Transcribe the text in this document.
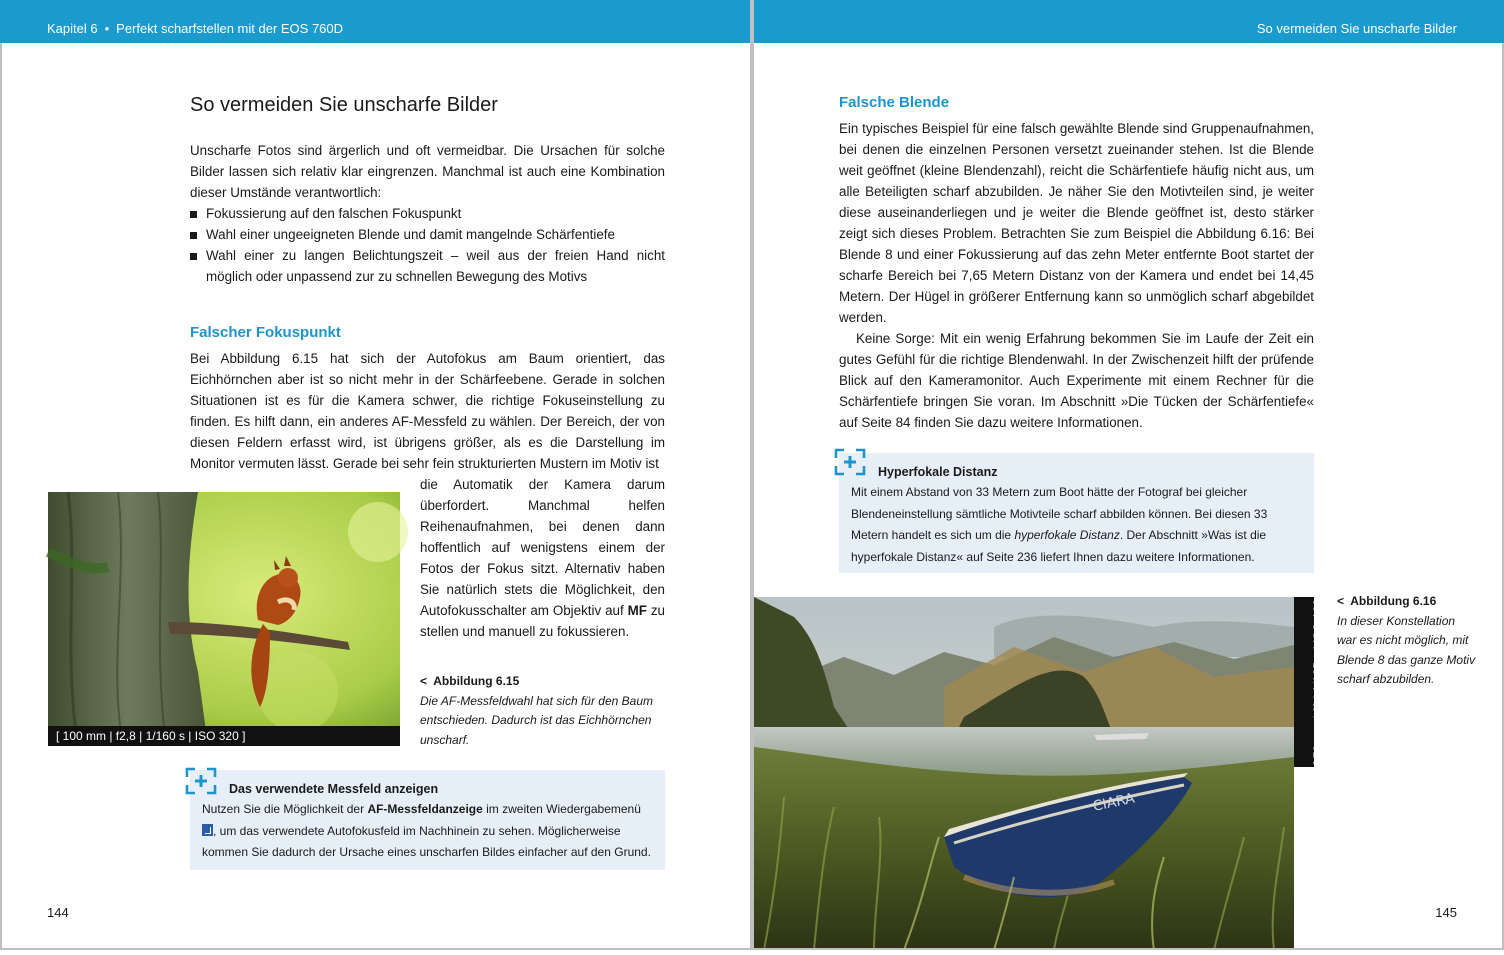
Kapitel 6 • Perfekt scharfstellen mit der EOS 760D
So vermeiden Sie unscharfe Bilder

Unscharfe Fotos sind ärgerlich und oft vermeidbar. Die Ursachen für solche Bilder lassen sich relativ klar eingrenzen. Manchmal ist auch eine Kombination dieser Umstände verantwortlich:

Fokussierung auf den falschen Fokuspunkt
Wahl einer ungeeigneten Blende und damit mangelnde Schärfentiefe
Wahl einer zu langen Belichtungszeit – weil aus der freien Hand nicht möglich oder unpassend zur zu schnellen Bewegung des Motivs
Falscher Fokuspunkt
Bei Abbildung 6.15 hat sich der Autofokus am Baum orientiert, das Eichhörnchen aber ist so nicht mehr in der Schärfeebene. Gerade in solchen Situationen ist es für die Kamera schwer, die richtige Fokuseinstellung zu finden. Es hilft dann, ein anderes AF-Messfeld zu wählen. Der Bereich, der von diesen Feldern erfasst wird, ist übrigens größer, als es die Darstellung im Monitor vermuten lässt. Gerade bei sehr fein strukturierten Mustern im Motiv ist
die Automatik der Kamera darum überfordert. Manchmal helfen Reihenaufnahmen, bei denen dann hoffentlich auf wenigstens einem der Fotos der Fokus sitzt. Alternativ haben Sie natürlich stets die Möglichkeit, den Autofokusschalter am Objektiv auf MF zu stellen und manuell zu fokussieren.
[ 100 mm | f2,8 | 1/160 s | ISO 320 ]
< Abbildung 6.15
Die AF-Messfeldwahl hat sich für den Baum entschieden. Dadurch ist das Eichhörnchen unscharf.
Das verwendete Messfeld anzeigen
Nutzen Sie die Möglichkeit der AF-Messfeldanzeige im zweiten Wiedergabemenü
, um das verwendete Autofokusfeld im Nachhinein zu sehen. Möglicherweise kommen Sie dadurch der Ursache eines unscharfen Bildes einfacher auf den Grund.
144
So vermeiden Sie unscharfe Bilder
Falsche Blende

Ein typisches Beispiel für eine falsch gewählte Blende sind Gruppenaufnahmen, bei denen die einzelnen Personen versetzt zueinander stehen. Ist die Blende weit geöffnet (kleine Blendenzahl), reicht die Schärfentiefe häufig nicht aus, um alle Beteiligten scharf abzubilden. Je näher Sie den Motivteilen sind, je weiter diese auseinanderliegen und je weiter die Blende geöffnet ist, desto stärker zeigt sich dieses Problem. Betrachten Sie zum Beispiel die Abbildung 6.16: Bei Blende 8 und einer Fokussierung auf das zehn Meter entfernte Boot startet der scharfe Bereich bei 7,65 Metern Distanz von der Kamera und endet bei 14,45 Metern. Der Hügel in größerer Entfernung kann so unmöglich scharf abgebildet werden.

Keine Sorge: Mit ein wenig Erfahrung bekommen Sie im Laufe der Zeit ein gutes Gefühl für die richtige Blendenwahl. In der Zwischenzeit hilft der prüfende Blick auf den Kameramonitor. Auch Experimente mit einem Rechner für die Schärfentiefe bringen Sie voran. Im Abschnitt »Die Tücken der Schärfentiefe« auf Seite 84 finden Sie dazu weitere Informationen.

Hyperfokale Distanz
Mit einem Abstand von 33 Metern zum Boot hätte der Fotograf bei gleicher Blendeneinstellung sämtliche Motivteile scharf abbilden können. Bei diesen 33 Metern handelt es sich um die hyperfokale Distanz. Der Abschnitt »Was ist die hyperfokale Distanz« auf Seite 236 liefert Ihnen dazu weitere Informationen.
CIARA
[ 70 mm | f8 | 1/125 s | ISO 100 ] < Abbildung 6.16
In dieser Konstellation war es nicht möglich, mit Blende 8 das ganze Motiv scharf abzubilden.
145
